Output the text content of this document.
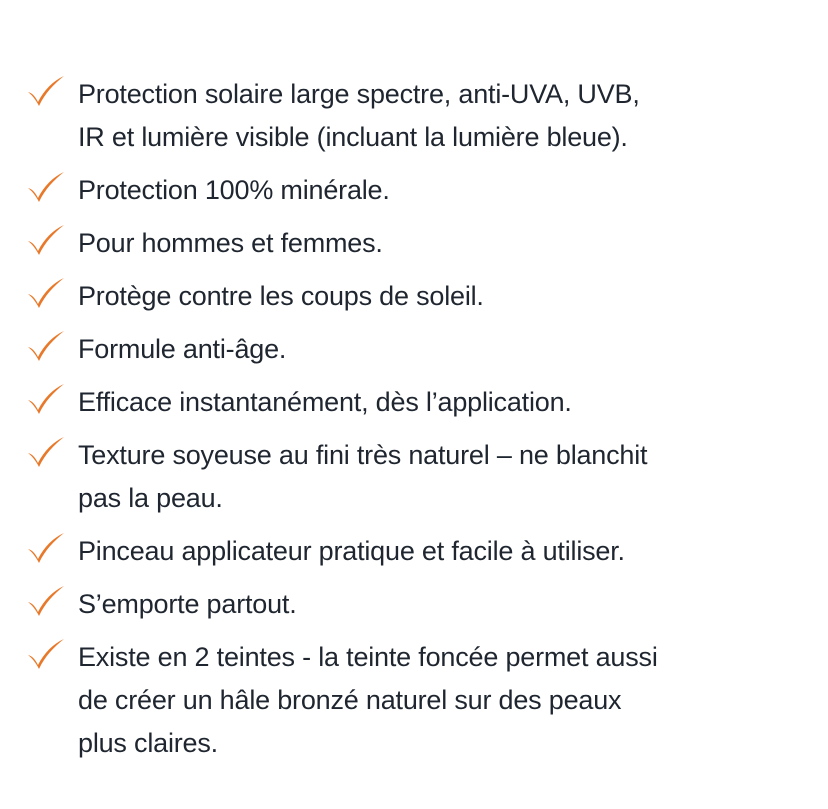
Protection solaire large spectre, anti-UVA, UVB,
IR et lumière visible (incluant la lumière bleue).
Protection 100% minérale.
Pour hommes et femmes.
Protège contre les coups de soleil.
Formule anti-âge.
Efficace instantanément, dès l’application.
Texture soyeuse au fini très naturel – ne blanchit
pas la peau.
Pinceau applicateur pratique et facile à utiliser.
S’emporte partout.
Existe en 2 teintes - la teinte foncée permet aussi
de créer un hâle bronzé naturel sur des peaux
plus claires.
